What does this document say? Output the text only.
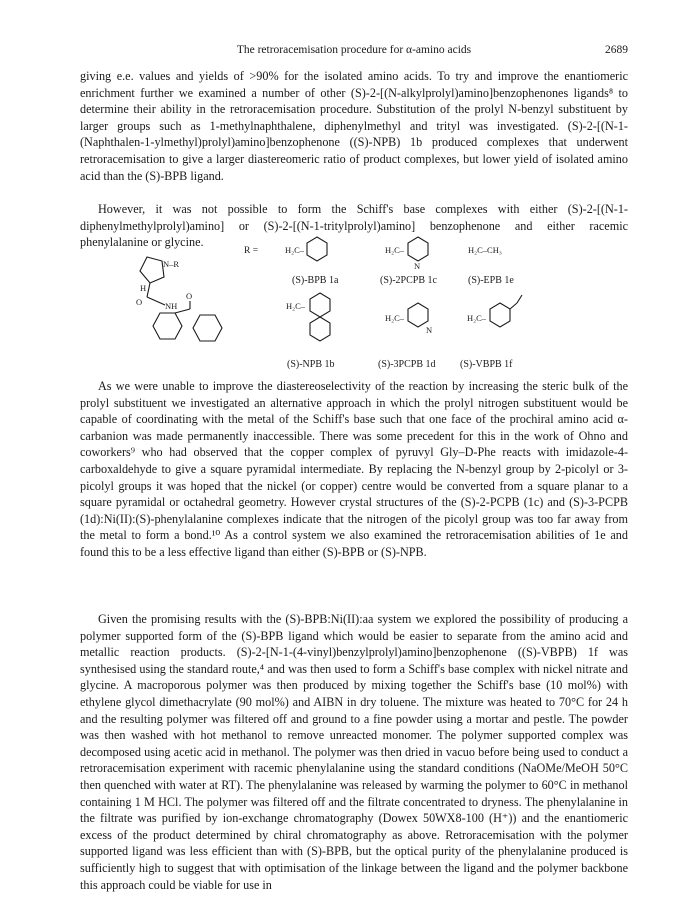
The retroracemisation procedure for α-amino acids	2689

giving e.e. values and yields of >90% for the isolated amino acids. To try and improve the enantiomeric enrichment further we examined a number of other (S)-2-[(N-alkylprolyl)amino]benzophenones ligands⁸ to determine their ability in the retroracemisation procedure. Substitution of the prolyl N-benzyl substituent by larger groups such as 1-methylnaphthalene, diphenylmethyl and trityl was investigated. (S)-2-[(N-1-(Naphthalen-1-ylmethyl)prolyl)amino]benzophenone ((S)-NPB) 1b produced complexes that underwent retroracemisation to give a larger diastereomeric ratio of product complexes, but lower yield of isolated amino acid than the (S)-BPB ligand.

However, it was not possible to form the Schiff's base complexes with either (S)-2-[(N-1-diphenylmethylprolyl)amino] or (S)-2-[(N-1-tritylprolyl)amino] benzophenone and either racemic phenylalanine or glycine.

R =
N–R
H
O	NH
O
H₂C–	H₂C–	H₂C–CH₃
H₂C–
H₂C–	H₂C–
N
N
(S)-BPB 1a	(S)-2PCPB 1c	(S)-EPB 1e
(S)-NPB 1b	(S)-3PCPB 1d (S)-VBPB 1f

As we were unable to improve the diastereoselectivity of the reaction by increasing the steric bulk of the prolyl substituent we investigated an alternative approach in which the prolyl nitrogen substituent would be capable of coordinating with the metal of the Schiff's base such that one face of the prochiral amino acid α-carbanion was made permanently inaccessible. There was some precedent for this in the work of Ohno and coworkers⁹ who had observed that the copper complex of pyruvyl Gly–D-Phe reacts with imidazole-4-carboxaldehyde to give a square pyramidal intermediate. By replacing the N-benzyl group by 2-picolyl or 3-picolyl groups it was hoped that the nickel (or copper) centre would be converted from a square planar to a square pyramidal or octahedral geometry. However crystal structures of the (S)-2-PCPB (1c) and (S)-3-PCPB (1d):Ni(II):(S)-phenylalanine complexes indicate that the nitrogen of the picolyl group was too far away from the metal to form a bond.¹⁰ As a control system we also examined the retroracemisation abilities of 1e and found this to be a less effective ligand than either (S)-BPB or (S)-NPB.

Given the promising results with the (S)-BPB:Ni(II):aa system we explored the possibility of producing a polymer supported form of the (S)-BPB ligand which would be easier to separate from the amino acid and metallic reaction products. (S)-2-[N-1-(4-vinyl)benzylprolyl)amino]benzophenone ((S)-VBPB) 1f was synthesised using the standard route,⁴ and was then used to form a Schiff's base complex with nickel nitrate and glycine. A macroporous polymer was then produced by mixing together the Schiff's base (10 mol%) with ethylene glycol dimethacrylate (90 mol%) and AIBN in dry toluene. The mixture was heated to 70°C for 24 h and the resulting polymer was filtered off and ground to a fine powder using a mortar and pestle. The powder was then washed with hot methanol to remove unreacted monomer. The polymer supported complex was decomposed using acetic acid in methanol. The polymer was then dried in vacuo before being used to conduct a retroracemisation experiment with racemic phenylalanine using the standard conditions (NaOMe/MeOH 50°C then quenched with water at RT). The phenylalanine was released by warming the polymer to 60°C in methanol containing 1 M HCl. The polymer was filtered off and the filtrate concentrated to dryness. The phenylalanine in the filtrate was purified by ion-exchange chromatography (Dowex 50WX8-100 (H⁺)) and the enantiomeric excess of the product determined by chiral chromatography as above. Retroracemisation with the polymer supported ligand was less efficient than with (S)-BPB, but the optical purity of the phenylalanine produced is sufficiently high to suggest that with optimisation of the linkage between the ligand and the polymer backbone this approach could be viable for use in
